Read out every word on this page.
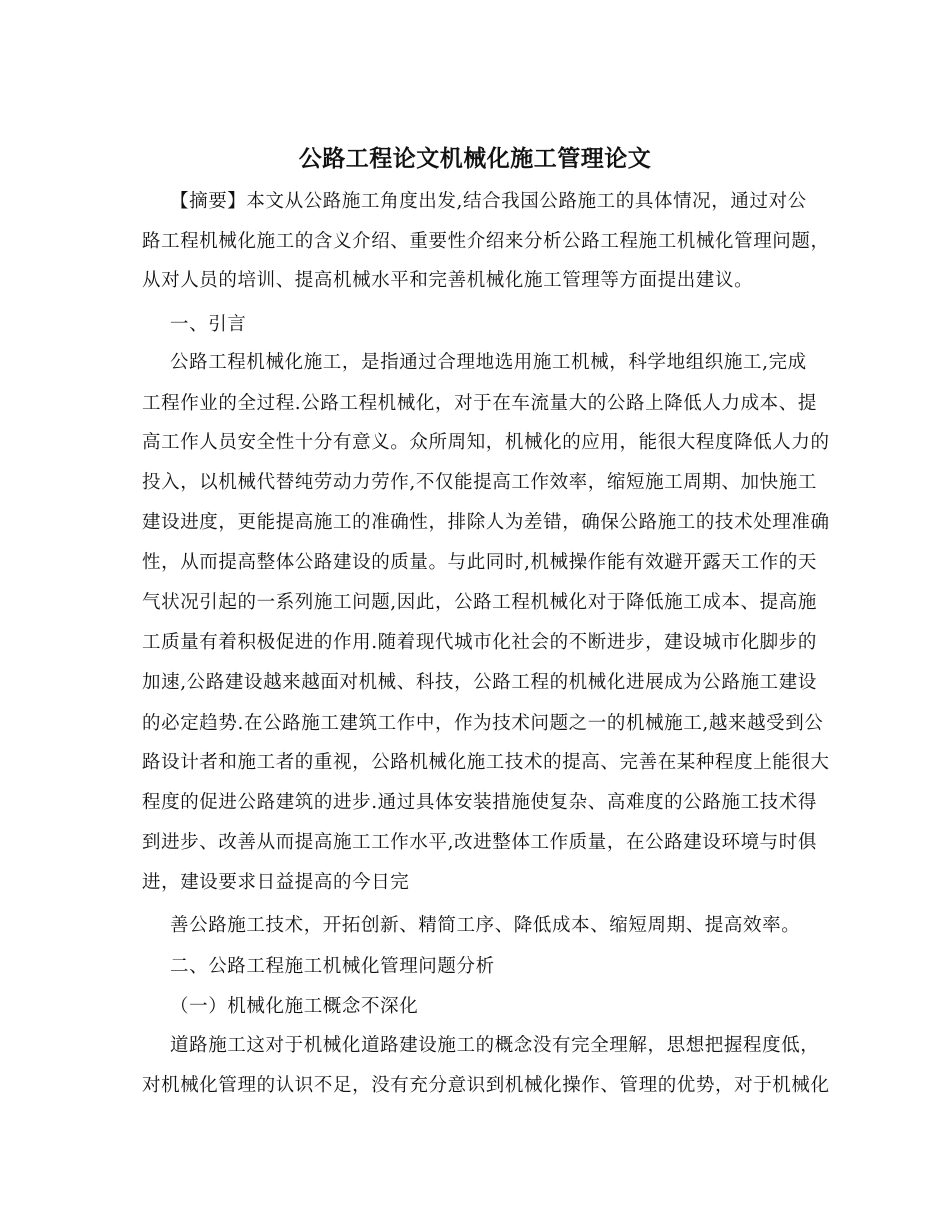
公路工程论文机械化施工管理论文
【摘要】本文从公路施工角度出发,结合我国公路施工的具体情况，通过对公
路工程机械化施工的含义介绍、重要性介绍来分析公路工程施工机械化管理问题，
从对人员的培训、提高机械水平和完善机械化施工管理等方面提出建议。
一、引言
公路工程机械化施工，是指通过合理地选用施工机械，科学地组织施工,完成
工程作业的全过程.公路工程机械化，对于在车流量大的公路上降低人力成本、提
高工作人员安全性十分有意义。众所周知，机械化的应用，能很大程度降低人力的
投入，以机械代替纯劳动力劳作,不仅能提高工作效率，缩短施工周期、加快施工
建设进度，更能提高施工的准确性，排除人为差错，确保公路施工的技术处理准确
性，从而提高整体公路建设的质量。与此同时,机械操作能有效避开露天工作的天
气状况引起的一系列施工问题,因此，公路工程机械化对于降低施工成本、提高施
工质量有着积极促进的作用.随着现代城市化社会的不断进步，建设城市化脚步的
加速,公路建设越来越面对机械、科技，公路工程的机械化进展成为公路施工建设
的必定趋势.在公路施工建筑工作中，作为技术问题之一的机械施工,越来越受到公
路设计者和施工者的重视，公路机械化施工技术的提高、完善在某种程度上能很大
程度的促进公路建筑的进步.通过具体安装措施使复杂、高难度的公路施工技术得
到进步、改善从而提高施工工作水平,改进整体工作质量，在公路建设环境与时俱
进，建设要求日益提高的今日完
善公路施工技术，开拓创新、精简工序、降低成本、缩短周期、提高效率。
二、公路工程施工机械化管理问题分析
（一）机械化施工概念不深化
道路施工这对于机械化道路建设施工的概念没有完全理解，思想把握程度低，
对机械化管理的认识不足，没有充分意识到机械化操作、管理的优势，对于机械化
